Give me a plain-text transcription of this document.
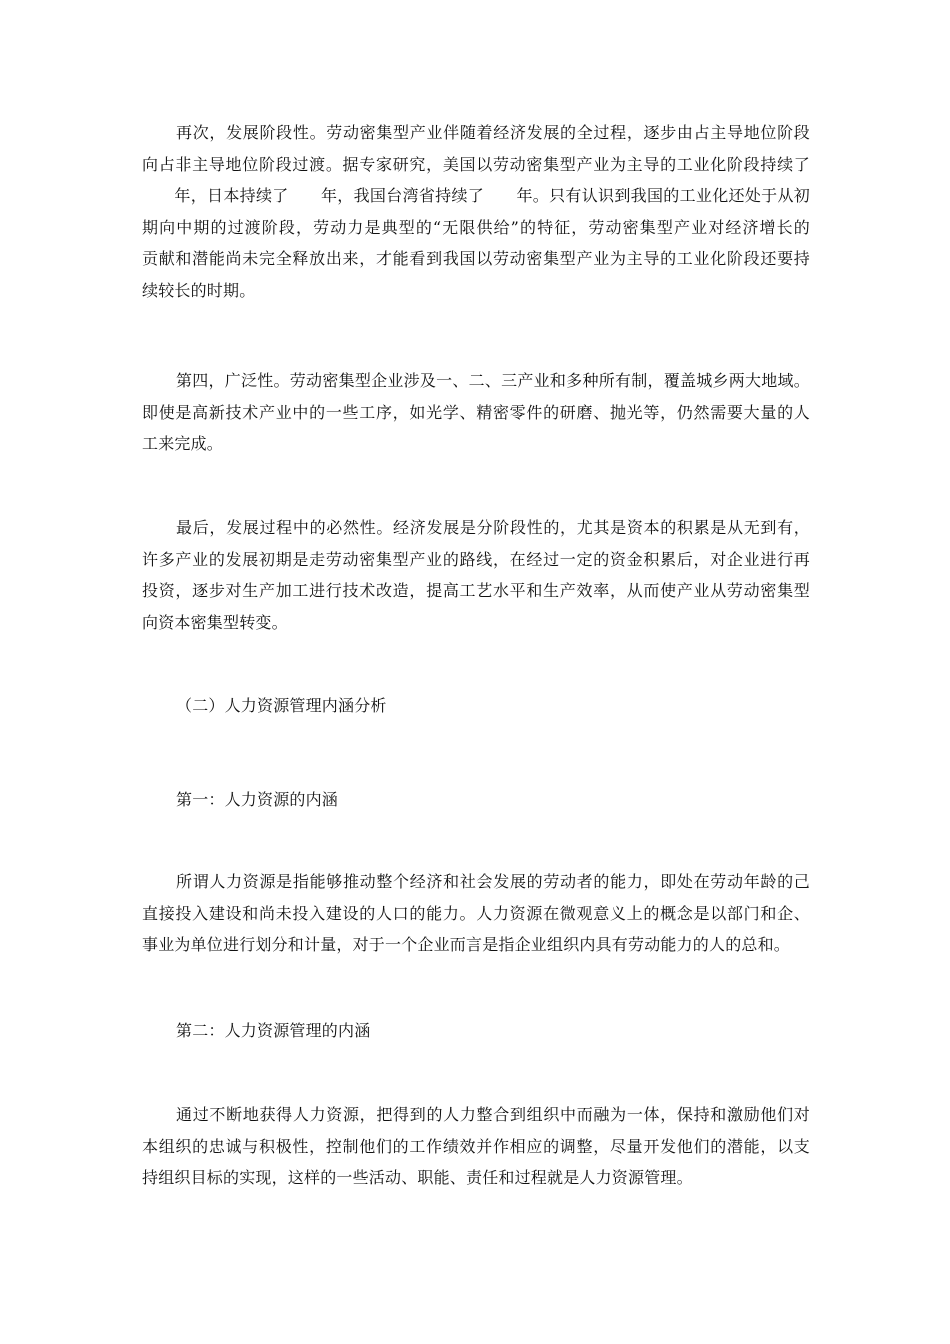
再次，发展阶段性。劳动密集型产业伴随着经济发展的全过程，逐步由占主导地位阶段
向占非主导地位阶段过渡。据专家研究，美国以劳动密集型产业为主导的工业化阶段持续了
年，日本持续了      年，我国台湾省持续了      年。只有认识到我国的工业化还处于从初
期向中期的过渡阶段，劳动力是典型的“无限供给”的特征，劳动密集型产业对经济增长的
贡献和潜能尚未完全释放出来，才能看到我国以劳动密集型产业为主导的工业化阶段还要持
续较长的时期。
第四，广泛性。劳动密集型企业涉及一、二、三产业和多种所有制，覆盖城乡两大地域。
即使是高新技术产业中的一些工序，如光学、精密零件的研磨、抛光等，仍然需要大量的人
工来完成。
最后，发展过程中的必然性。经济发展是分阶段性的，尤其是资本的积累是从无到有，
许多产业的发展初期是走劳动密集型产业的路线，在经过一定的资金积累后，对企业进行再
投资，逐步对生产加工进行技术改造，提高工艺水平和生产效率，从而使产业从劳动密集型
向资本密集型转变。
（二）人力资源管理内涵分析
第一：人力资源的内涵
所谓人力资源是指能够推动整个经济和社会发展的劳动者的能力，即处在劳动年龄的己
直接投入建设和尚未投入建设的人口的能力。人力资源在微观意义上的概念是以部门和企、
事业为单位进行划分和计量，对于一个企业而言是指企业组织内具有劳动能力的人的总和。
第二：人力资源管理的内涵
通过不断地获得人力资源，把得到的人力整合到组织中而融为一体，保持和激励他们对
本组织的忠诚与积极性，控制他们的工作绩效并作相应的调整，尽量开发他们的潜能，以支
持组织目标的实现，这样的一些活动、职能、责任和过程就是人力资源管理。
